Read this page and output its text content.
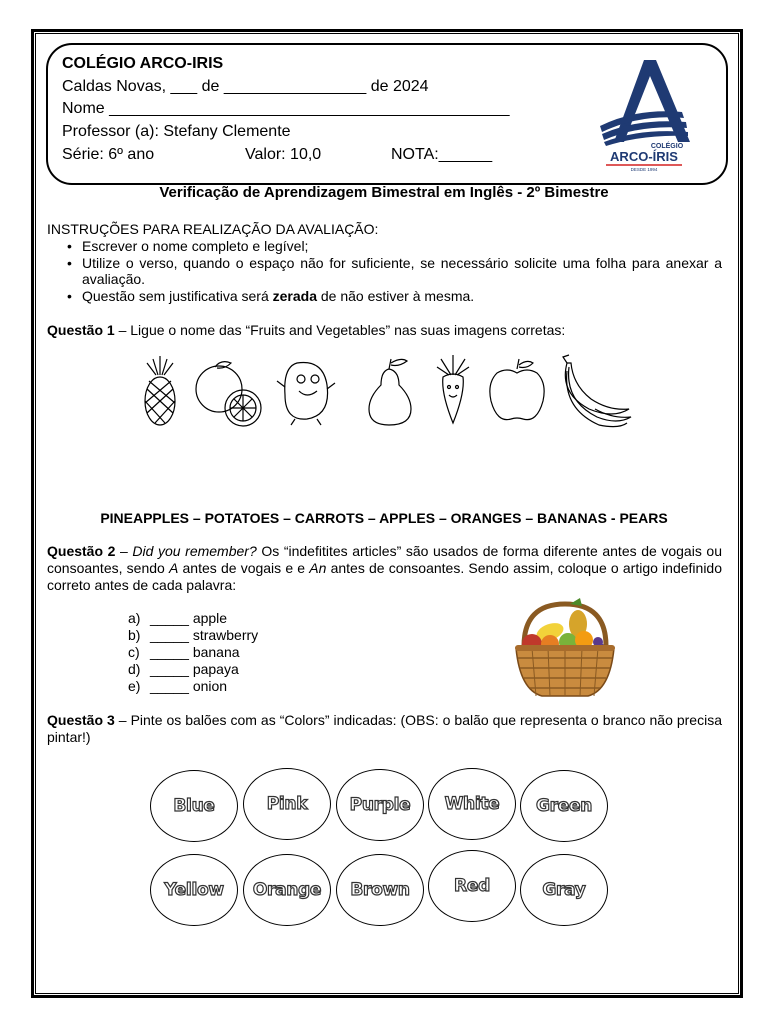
COLÉGIO ARCO-IRIS
Caldas Novas, ___ de ________________ de 2024
Nome _____________________________________________
Professor (a): Stefany Clemente
Série: 6º ano	Valor: 10,0	NOTA:______	COLÉGIO
ARCO-ÍRIS
DESDE 1994
Verificação de Aprendizagem Bimestral em Inglês - 2º Bimestre
INSTRUÇÕES PARA REALIZAÇÃO DA AVALIAÇÃO:
• Escrever o nome completo e legível;
• Utilize o verso, quando o espaço não for suficiente, se necessário solicite uma folha para anexar a avaliação.
• Questão sem justificativa será zerada de não estiver à mesma.
Questão 1 – Ligue o nome das “Fruits and Vegetables” nas suas imagens corretas:
PINEAPPLES – POTATOES – CARROTS – APPLES – ORANGES – BANANAS - PEARS
Questão 2 – Did you remember? Os “indefitites articles” são usados de forma diferente antes de vogais ou consoantes, sendo A antes de vogais e e An antes de consoantes. Sendo assim, coloque o artigo indefinido correto antes de cada palavra:
a) _____ apple
b) _____ strawberry
c) _____ banana
d) _____ papaya
e) _____ onion
Questão 3 – Pinte os balões com as “Colors” indicadas: (OBS: o balão que representa o branco não precisa pintar!)
Blue	Pink Purple White Green
Yellow Orange Brown	Red	Gray
